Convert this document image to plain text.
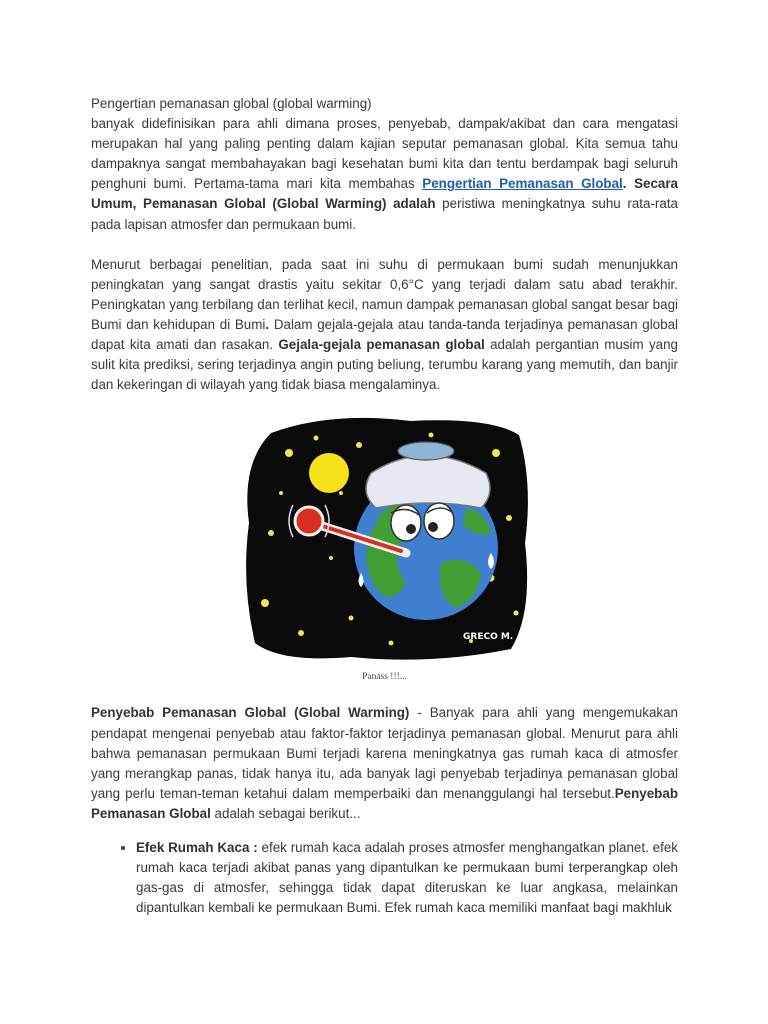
Pengertian pemanasan global (global warming)

banyak didefinisikan para ahli dimana proses, penyebab, dampak/akibat dan cara mengatasi merupakan hal yang paling penting dalam kajian seputar pemanasan global. Kita semua tahu dampaknya sangat membahayakan bagi kesehatan bumi kita dan tentu berdampak bagi seluruh penghuni bumi. Pertama-tama mari kita membahas Pengertian Pemanasan Global. Secara Umum, Pemanasan Global (Global Warming) adalah peristiwa meningkatnya suhu rata-rata pada lapisan atmosfer dan permukaan bumi.

Menurut berbagai penelitian, pada saat ini suhu di permukaan bumi sudah menunjukkan peningkatan yang sangat drastis yaitu sekitar 0,6°C yang terjadi dalam satu abad terakhir. Peningkatan yang terbilang dan terlihat kecil, namun dampak pemanasan global sangat besar bagi Bumi dan kehidupan di Bumi. Dalam gejala-gejala atau tanda-tanda terjadinya pemanasan global dapat kita amati dan rasakan. Gejala-gejala pemanasan global adalah pergantian musim yang sulit kita prediksi, sering terjadinya angin puting beliung, terumbu karang yang memutih, dan banjir dan kekeringan di wilayah yang tidak biasa mengalaminya.

GRECO M.
Panass !!!...

Penyebab Pemanasan Global (Global Warming) - Banyak para ahli yang mengemukakan pendapat mengenai penyebab atau faktor-faktor terjadinya pemanasan global. Menurut para ahli bahwa pemanasan permukaan Bumi terjadi karena meningkatnya gas rumah kaca di atmosfer yang merangkap panas, tidak hanya itu, ada banyak lagi penyebab terjadinya pemanasan global yang perlu teman-teman ketahui dalam memperbaiki dan menanggulangi hal tersebut.Penyebab Pemanasan Global adalah sebagai berikut...

• Efek Rumah Kaca : efek rumah kaca adalah proses atmosfer menghangatkan planet. efek rumah kaca terjadi akibat panas yang dipantulkan ke permukaan bumi terperangkap oleh gas-gas di atmosfer, sehingga tidak dapat diteruskan ke luar angkasa, melainkan dipantulkan kembali ke permukaan Bumi. Efek rumah kaca memiliki manfaat bagi makhluk
